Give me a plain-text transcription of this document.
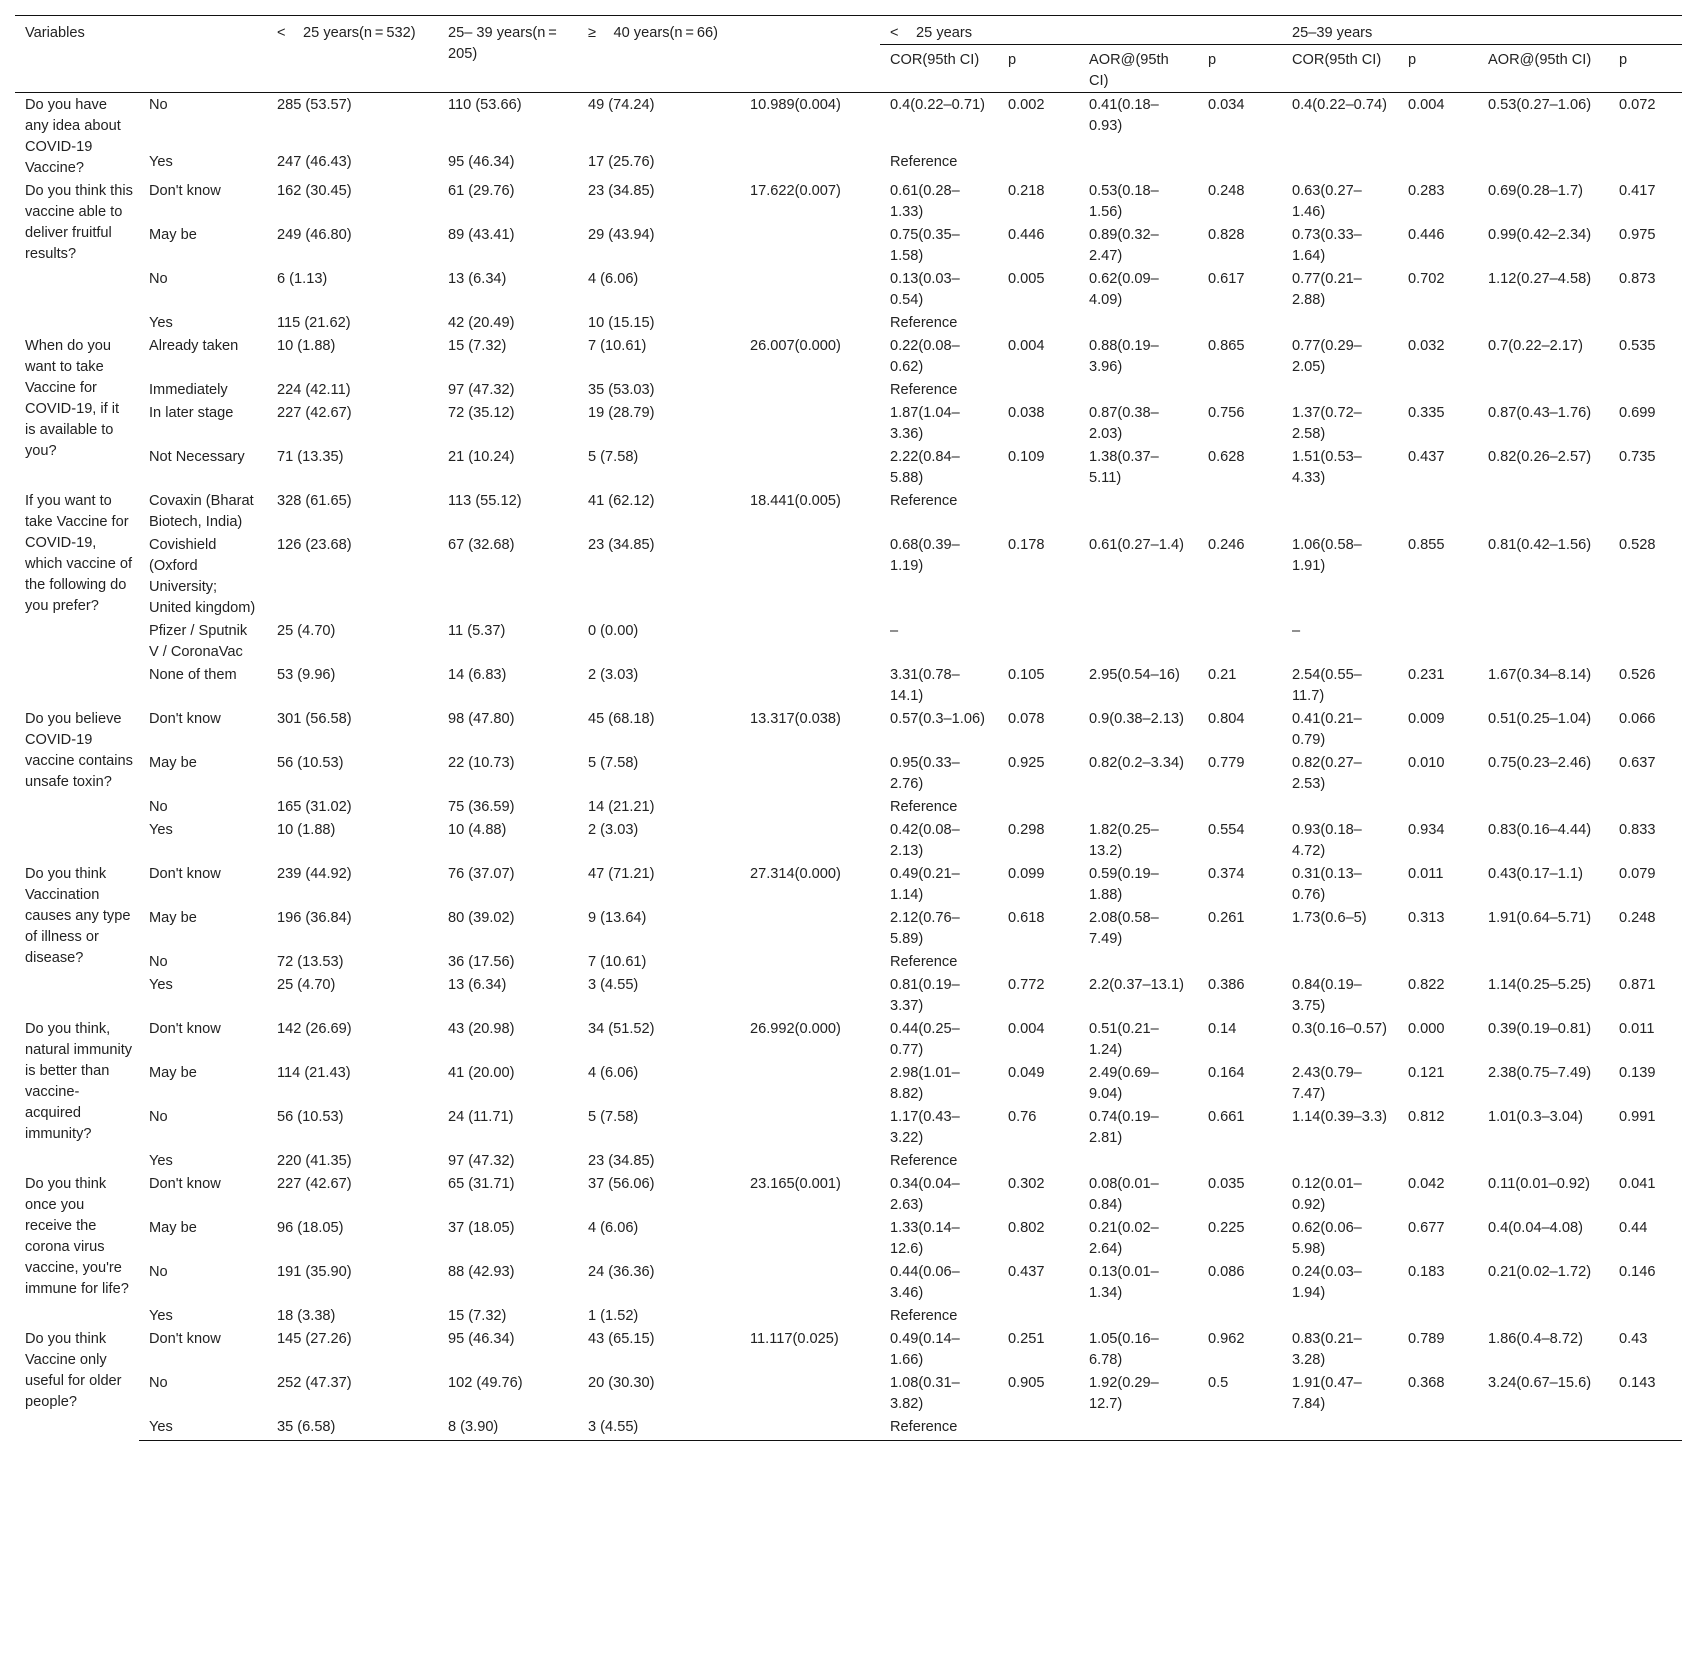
Variables		<  25 years(n = 532)	25– 39 years(n = 205)	≥  40 years(n = 66)		<  25 years				25–39 years			
						COR(95th CI)	p	AOR@(95th CI)	p	COR(95th CI)	p	AOR@(95th CI)	p
Do you have any idea about COVID-19 Vaccine?	No	285 (53.57)	110 (53.66)	49 (74.24)	10.989(0.004)	0.4(0.22–0.71)	0.002	0.41(0.18–0.93)	0.034	0.4(0.22–0.74)	0.004	0.53(0.27–1.06)	0.072
	Yes	247 (46.43)	95 (46.34)	17 (25.76)		Reference							
Do you think this vaccine able to deliver fruitful results?	Don't know	162 (30.45)	61 (29.76)	23 (34.85)	17.622(0.007)	0.61(0.28–1.33)	0.218	0.53(0.18–1.56)	0.248	0.63(0.27–1.46)	0.283	0.69(0.28–1.7)	0.417
	May be	249 (46.80)	89 (43.41)	29 (43.94)		0.75(0.35–1.58)	0.446	0.89(0.32–2.47)	0.828	0.73(0.33–1.64)	0.446	0.99(0.42–2.34)	0.975
	No	6 (1.13)	13 (6.34)	4 (6.06)		0.13(0.03–0.54)	0.005	0.62(0.09–4.09)	0.617	0.77(0.21–2.88)	0.702	1.12(0.27–4.58)	0.873
	Yes	115 (21.62)	42 (20.49)	10 (15.15)		Reference							
When do you want to take Vaccine for COVID-19, if it is available to you?	Already taken	10 (1.88)	15 (7.32)	7 (10.61)	26.007(0.000)	0.22(0.08–0.62)	0.004	0.88(0.19–3.96)	0.865	0.77(0.29–2.05)	0.032	0.7(0.22–2.17)	0.535
	Immediately	224 (42.11)	97 (47.32)	35 (53.03)		Reference							
	In later stage	227 (42.67)	72 (35.12)	19 (28.79)		1.87(1.04–3.36)	0.038	0.87(0.38–2.03)	0.756	1.37(0.72–2.58)	0.335	0.87(0.43–1.76)	0.699
	Not Necessary	71 (13.35)	21 (10.24)	5 (7.58)		2.22(0.84–5.88)	0.109	1.38(0.37–5.11)	0.628	1.51(0.53–4.33)	0.437	0.82(0.26–2.57)	0.735
If you want to take Vaccine for COVID-19, which vaccine of the following do you prefer?	Covaxin (Bharat Biotech, India)	328 (61.65)	113 (55.12)	41 (62.12)	18.441(0.005)	Reference							
	Covishield (Oxford University; United kingdom)	126 (23.68)	67 (32.68)	23 (34.85)		0.68(0.39–1.19)	0.178	0.61(0.27–1.4)	0.246	1.06(0.58–1.91)	0.855	0.81(0.42–1.56)	0.528
	Pfizer / Sputnik V / CoronaVac	25 (4.70)	11 (5.37)	0 (0.00)		–				–			
	None of them	53 (9.96)	14 (6.83)	2 (3.03)		3.31(0.78–14.1)	0.105	2.95(0.54–16)	0.21	2.54(0.55–11.7)	0.231	1.67(0.34–8.14)	0.526
Do you believe COVID-19 vaccine contains unsafe toxin?	Don't know	301 (56.58)	98 (47.80)	45 (68.18)	13.317(0.038)	0.57(0.3–1.06)	0.078	0.9(0.38–2.13)	0.804	0.41(0.21–0.79)	0.009	0.51(0.25–1.04)	0.066
	May be	56 (10.53)	22 (10.73)	5 (7.58)		0.95(0.33–2.76)	0.925	0.82(0.2–3.34)	0.779	0.82(0.27–2.53)	0.010	0.75(0.23–2.46)	0.637
	No	165 (31.02)	75 (36.59)	14 (21.21)		Reference							
	Yes	10 (1.88)	10 (4.88)	2 (3.03)		0.42(0.08–2.13)	0.298	1.82(0.25–13.2)	0.554	0.93(0.18–4.72)	0.934	0.83(0.16–4.44)	0.833
Do you think Vaccination causes any type of illness or disease?	Don't know	239 (44.92)	76 (37.07)	47 (71.21)	27.314(0.000)	0.49(0.21–1.14)	0.099	0.59(0.19–1.88)	0.374	0.31(0.13–0.76)	0.011	0.43(0.17–1.1)	0.079
	May be	196 (36.84)	80 (39.02)	9 (13.64)		2.12(0.76–5.89)	0.618	2.08(0.58–7.49)	0.261	1.73(0.6–5)	0.313	1.91(0.64–5.71)	0.248
	No	72 (13.53)	36 (17.56)	7 (10.61)		Reference							
	Yes	25 (4.70)	13 (6.34)	3 (4.55)		0.81(0.19–3.37)	0.772	2.2(0.37–13.1)	0.386	0.84(0.19–3.75)	0.822	1.14(0.25–5.25)	0.871
Do you think, natural immunity is better than vaccine-acquired immunity?	Don't know	142 (26.69)	43 (20.98)	34 (51.52)	26.992(0.000)	0.44(0.25–0.77)	0.004	0.51(0.21–1.24)	0.14	0.3(0.16–0.57)	0.000	0.39(0.19–0.81)	0.011
	May be	114 (21.43)	41 (20.00)	4 (6.06)		2.98(1.01–8.82)	0.049	2.49(0.69–9.04)	0.164	2.43(0.79–7.47)	0.121	2.38(0.75–7.49)	0.139
	No	56 (10.53)	24 (11.71)	5 (7.58)		1.17(0.43–3.22)	0.76	0.74(0.19–2.81)	0.661	1.14(0.39–3.3)	0.812	1.01(0.3–3.04)	0.991
	Yes	220 (41.35)	97 (47.32)	23 (34.85)		Reference							
Do you think once you receive the corona virus vaccine, you're immune for life?	Don't know	227 (42.67)	65 (31.71)	37 (56.06)	23.165(0.001)	0.34(0.04–2.63)	0.302	0.08(0.01–0.84)	0.035	0.12(0.01–0.92)	0.042	0.11(0.01–0.92)	0.041
	May be	96 (18.05)	37 (18.05)	4 (6.06)		1.33(0.14–12.6)	0.802	0.21(0.02–2.64)	0.225	0.62(0.06–5.98)	0.677	0.4(0.04–4.08)	0.44
	No	191 (35.90)	88 (42.93)	24 (36.36)		0.44(0.06–3.46)	0.437	0.13(0.01–1.34)	0.086	0.24(0.03–1.94)	0.183	0.21(0.02–1.72)	0.146
	Yes	18 (3.38)	15 (7.32)	1 (1.52)		Reference							
Do you think Vaccine only useful for older people?	Don't know	145 (27.26)	95 (46.34)	43 (65.15)	11.117(0.025)	0.49(0.14–1.66)	0.251	1.05(0.16–6.78)	0.962	0.83(0.21–3.28)	0.789	1.86(0.4–8.72)	0.43
	No	252 (47.37)	102 (49.76)	20 (30.30)		1.08(0.31–3.82)	0.905	1.92(0.29–12.7)	0.5	1.91(0.47–7.84)	0.368	3.24(0.67–15.6)	0.143
	Yes	35 (6.58)	8 (3.90)	3 (4.55)		Reference							
